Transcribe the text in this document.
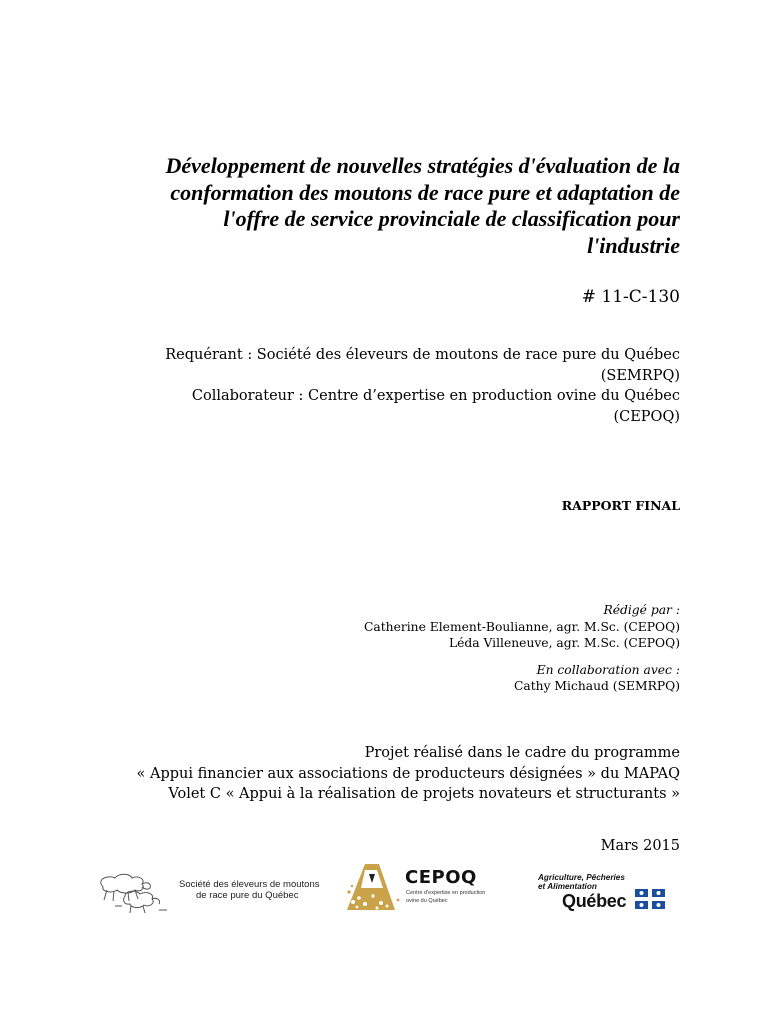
Développement de nouvelles stratégies d'évaluation de la
conformation des moutons de race pure et adaptation de
l'offre de service provinciale de classification pour
l'industrie
# 11-C-130
Requérant : Société des éleveurs de moutons de race pure du Québec
(SEMRPQ)
Collaborateur : Centre d’expertise en production ovine du Québec
(CEPOQ)
RAPPORT FINAL
Rédigé par :
Catherine Element-Boulianne, agr. M.Sc. (CEPOQ)
Léda Villeneuve, agr. M.Sc. (CEPOQ)
En collaboration avec :
Cathy Michaud (SEMRPQ)
Projet réalisé dans le cadre du programme
« Appui financier aux associations de producteurs désignées » du MAPAQ
Volet C « Appui à la réalisation de projets novateurs et structurants »
Mars 2015
Société des éleveurs de moutons
de race pure du Québec
CEPOQ
Centre d'expertise en production
ovine du Québec
Agriculture, Pêcheries
et Alimentation
Québec
